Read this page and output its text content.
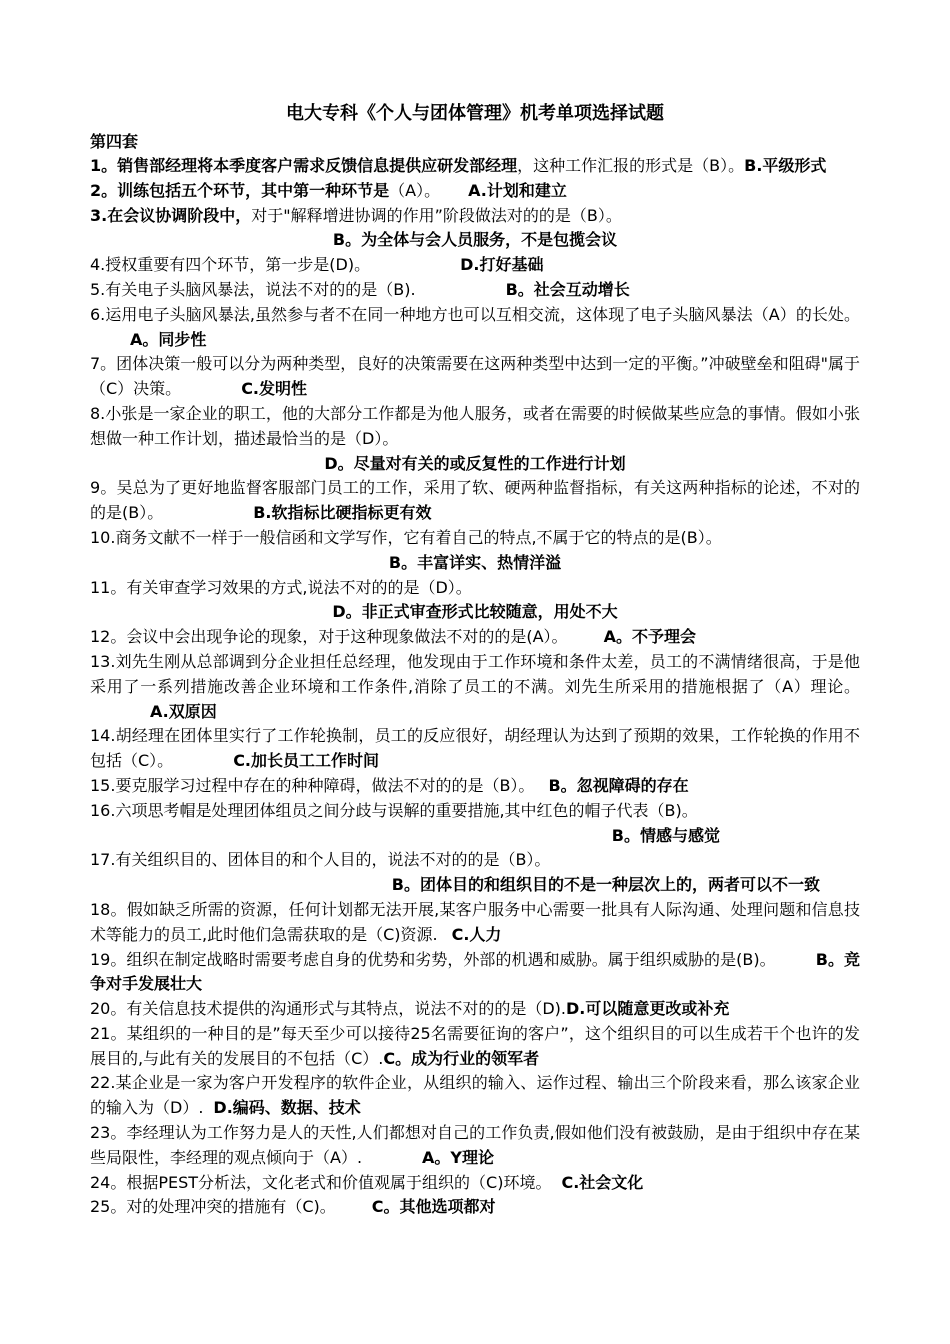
电大专科《个人与团体管理》机考单项选择试题
第四套
1。销售部经理将本季度客户需求反馈信息提供应研发部经理，这种工作汇报的形式是（B）。B.平级形式
2。训练包括五个环节，其中第一种环节是（A）。 A.计划和建立
3.在会议协调阶段中，对于"解释增进协调的作用”阶段做法对的的是（B）。
B。为全体与会人员服务，不是包揽会议
4.授权重要有四个环节，第一步是(D)。	D.打好基础
5.有关电子头脑风暴法，说法不对的的是（B).	B。社会互动增长
6.运用电子头脑风暴法,虽然参与者不在同一种地方也可以互相交流，这体现了电子头脑风暴法（A）的长处。A。同步性
7。团体决策一般可以分为两种类型，良好的决策需要在这两种类型中达到一定的平衡。”冲破壁垒和阻碍"属于（C）决策。	C.发明性
8.小张是一家企业的职工，他的大部分工作都是为他人服务，或者在需要的时候做某些应急的事情。假如小张想做一种工作计划，描述最恰当的是（D）。
D。尽量对有关的或反复性的工作进行计划
9。吴总为了更好地监督客服部门员工的工作，采用了软、硬两种监督指标，有关这两种指标的论述，不对的的是(B）。	B.软指标比硬指标更有效
10.商务文献不一样于一般信函和文学写作，它有着自己的特点,不属于它的特点的是(B）。
B。丰富详实、热情洋溢
11。有关审查学习效果的方式,说法不对的的是（D）。
D。非正式审查形式比较随意，用处不大
12。会议中会出现争论的现象，对于这种现象做法不对的的是(A）。 A。不予理会
13.刘先生刚从总部调到分企业担任总经理，他发现由于工作环境和条件太差，员工的不满情绪很高，于是他采用了一系列措施改善企业环境和工作条件,消除了员工的不满。刘先生所采用的措施根据了（A）理论。A.双原因
14.胡经理在团体里实行了工作轮换制，员工的反应很好，胡经理认为达到了预期的效果，工作轮换的作用不包括（C）。	C.加长员工工作时间
15.要克服学习过程中存在的种种障碍，做法不对的的是（B）。 B。忽视障碍的存在
16.六项思考帽是处理团体组员之间分歧与误解的重要措施,其中红色的帽子代表（B)。
B。情感与感觉
17.有关组织目的、团体目的和个人目的，说法不对的的是（B）。
B。团体目的和组织目的不是一种层次上的，两者可以不一致
18。假如缺乏所需的资源，任何计划都无法开展,某客户服务中心需要一批具有人际沟通、处理问题和信息技术等能力的员工,此时他们急需获取的是（C)资源. C.人力
19。组织在制定战略时需要考虑自身的优势和劣势，外部的机遇和威胁。属于组织威胁的是(B)。	B。竞争对手发展壮大
20。有关信息技术提供的沟通形式与其特点，说法不对的的是（D).D.可以随意更改或补充
21。某组织的一种目的是”每天至少可以接待25名需要征询的客户”，这个组织目的可以生成若干个也许的发展目的,与此有关的发展目的不包括（C）.C。成为行业的领军者
22.某企业是一家为客户开发程序的软件企业，从组织的输入、运作过程、输出三个阶段来看，那么该家企业的输入为（D）. D.编码、数据、技术
23。李经理认为工作努力是人的天性,人们都想对自己的工作负责,假如他们没有被鼓励，是由于组织中存在某些局限性，李经理的观点倾向于（A）.	A。Y理论
24。根据PEST分析法，文化老式和价值观属于组织的（C)环境。 C.社会文化
25。对的处理冲突的措施有（C)。 C。其他选项都对
